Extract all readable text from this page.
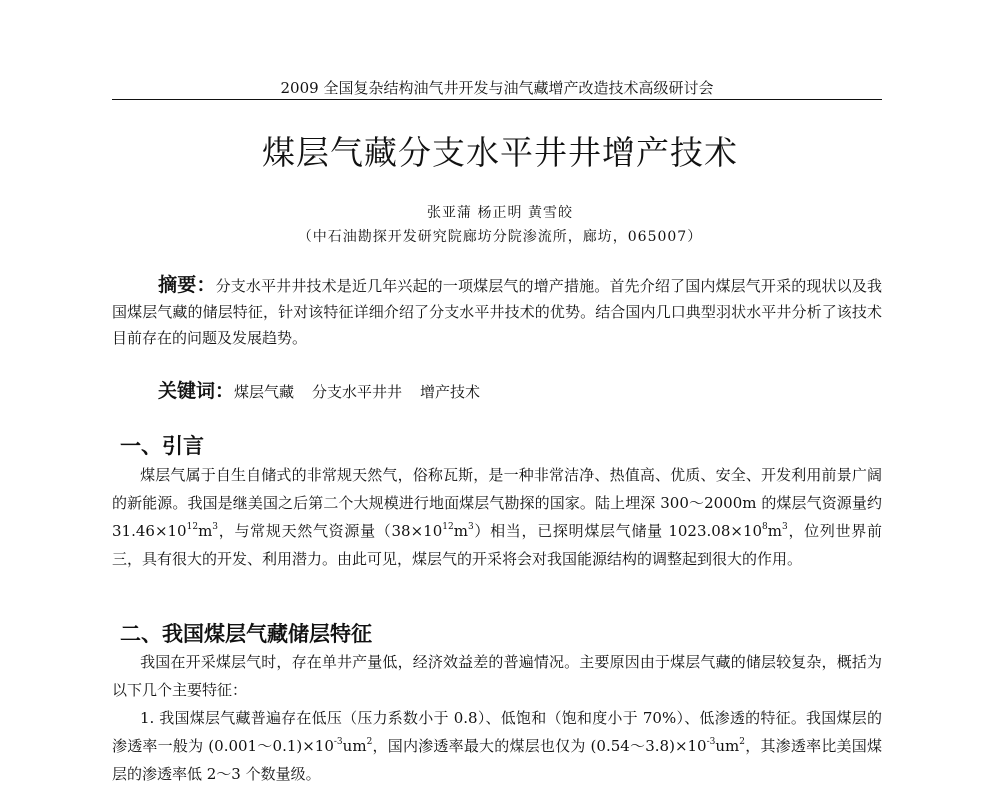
2009 全国复杂结构油气井开发与油气藏增产改造技术高级研讨会
煤层气藏分支水平井井增产技术
张亚蒲 杨正明 黄雪皎
（中石油勘探开发研究院廊坊分院渗流所，廊坊，065007）
摘要：分支水平井井技术是近几年兴起的一项煤层气的增产措施。首先介绍了国内煤层气开采的现状以及我国煤层气藏的储层特征，针对该特征详细介绍了分支水平井技术的优势。结合国内几口典型羽状水平井分析了该技术目前存在的问题及发展趋势。
关键词：煤层气藏 分支水平井井 增产技术
一、引言
煤层气属于自生自储式的非常规天然气，俗称瓦斯，是一种非常洁净、热值高、优质、安全、开发利用前景广阔的新能源。我国是继美国之后第二个大规模进行地面煤层气勘探的国家。陆上埋深 300～2000m 的煤层气资源量约 $31.46\times 10^{12}m^3$，与常规天然气资源量$(38\times 10^{12}m^3)$相当，已探明煤层气储量 $1023.08\times 10^8m^3$，位列世界前三，具有很大的开发、利用潜力。由此可见，煤层气的开采将会对我国能源结构的调整起到很大的作用。
二、我国煤层气藏储层特征
我国在开采煤层气时，存在单井产量低，经济效益差的普遍情况。主要原因由于煤层气藏的储层较复杂，概括为以下几个主要特征：
1. 我国煤层气藏普遍存在低压（压力系数小于 0.8）、低饱和（饱和度小于 70%）、低渗透的特征。我国煤层的渗透率一般为 $(0.001\sim 0.1)\times 10^{-3}um^2$，国内渗透率最大的煤层也仅为 $(0.54\sim 3.8)\times 10^{-3}um^2$，其渗透率比美国煤层的渗透率低 2～3 个数量级。
